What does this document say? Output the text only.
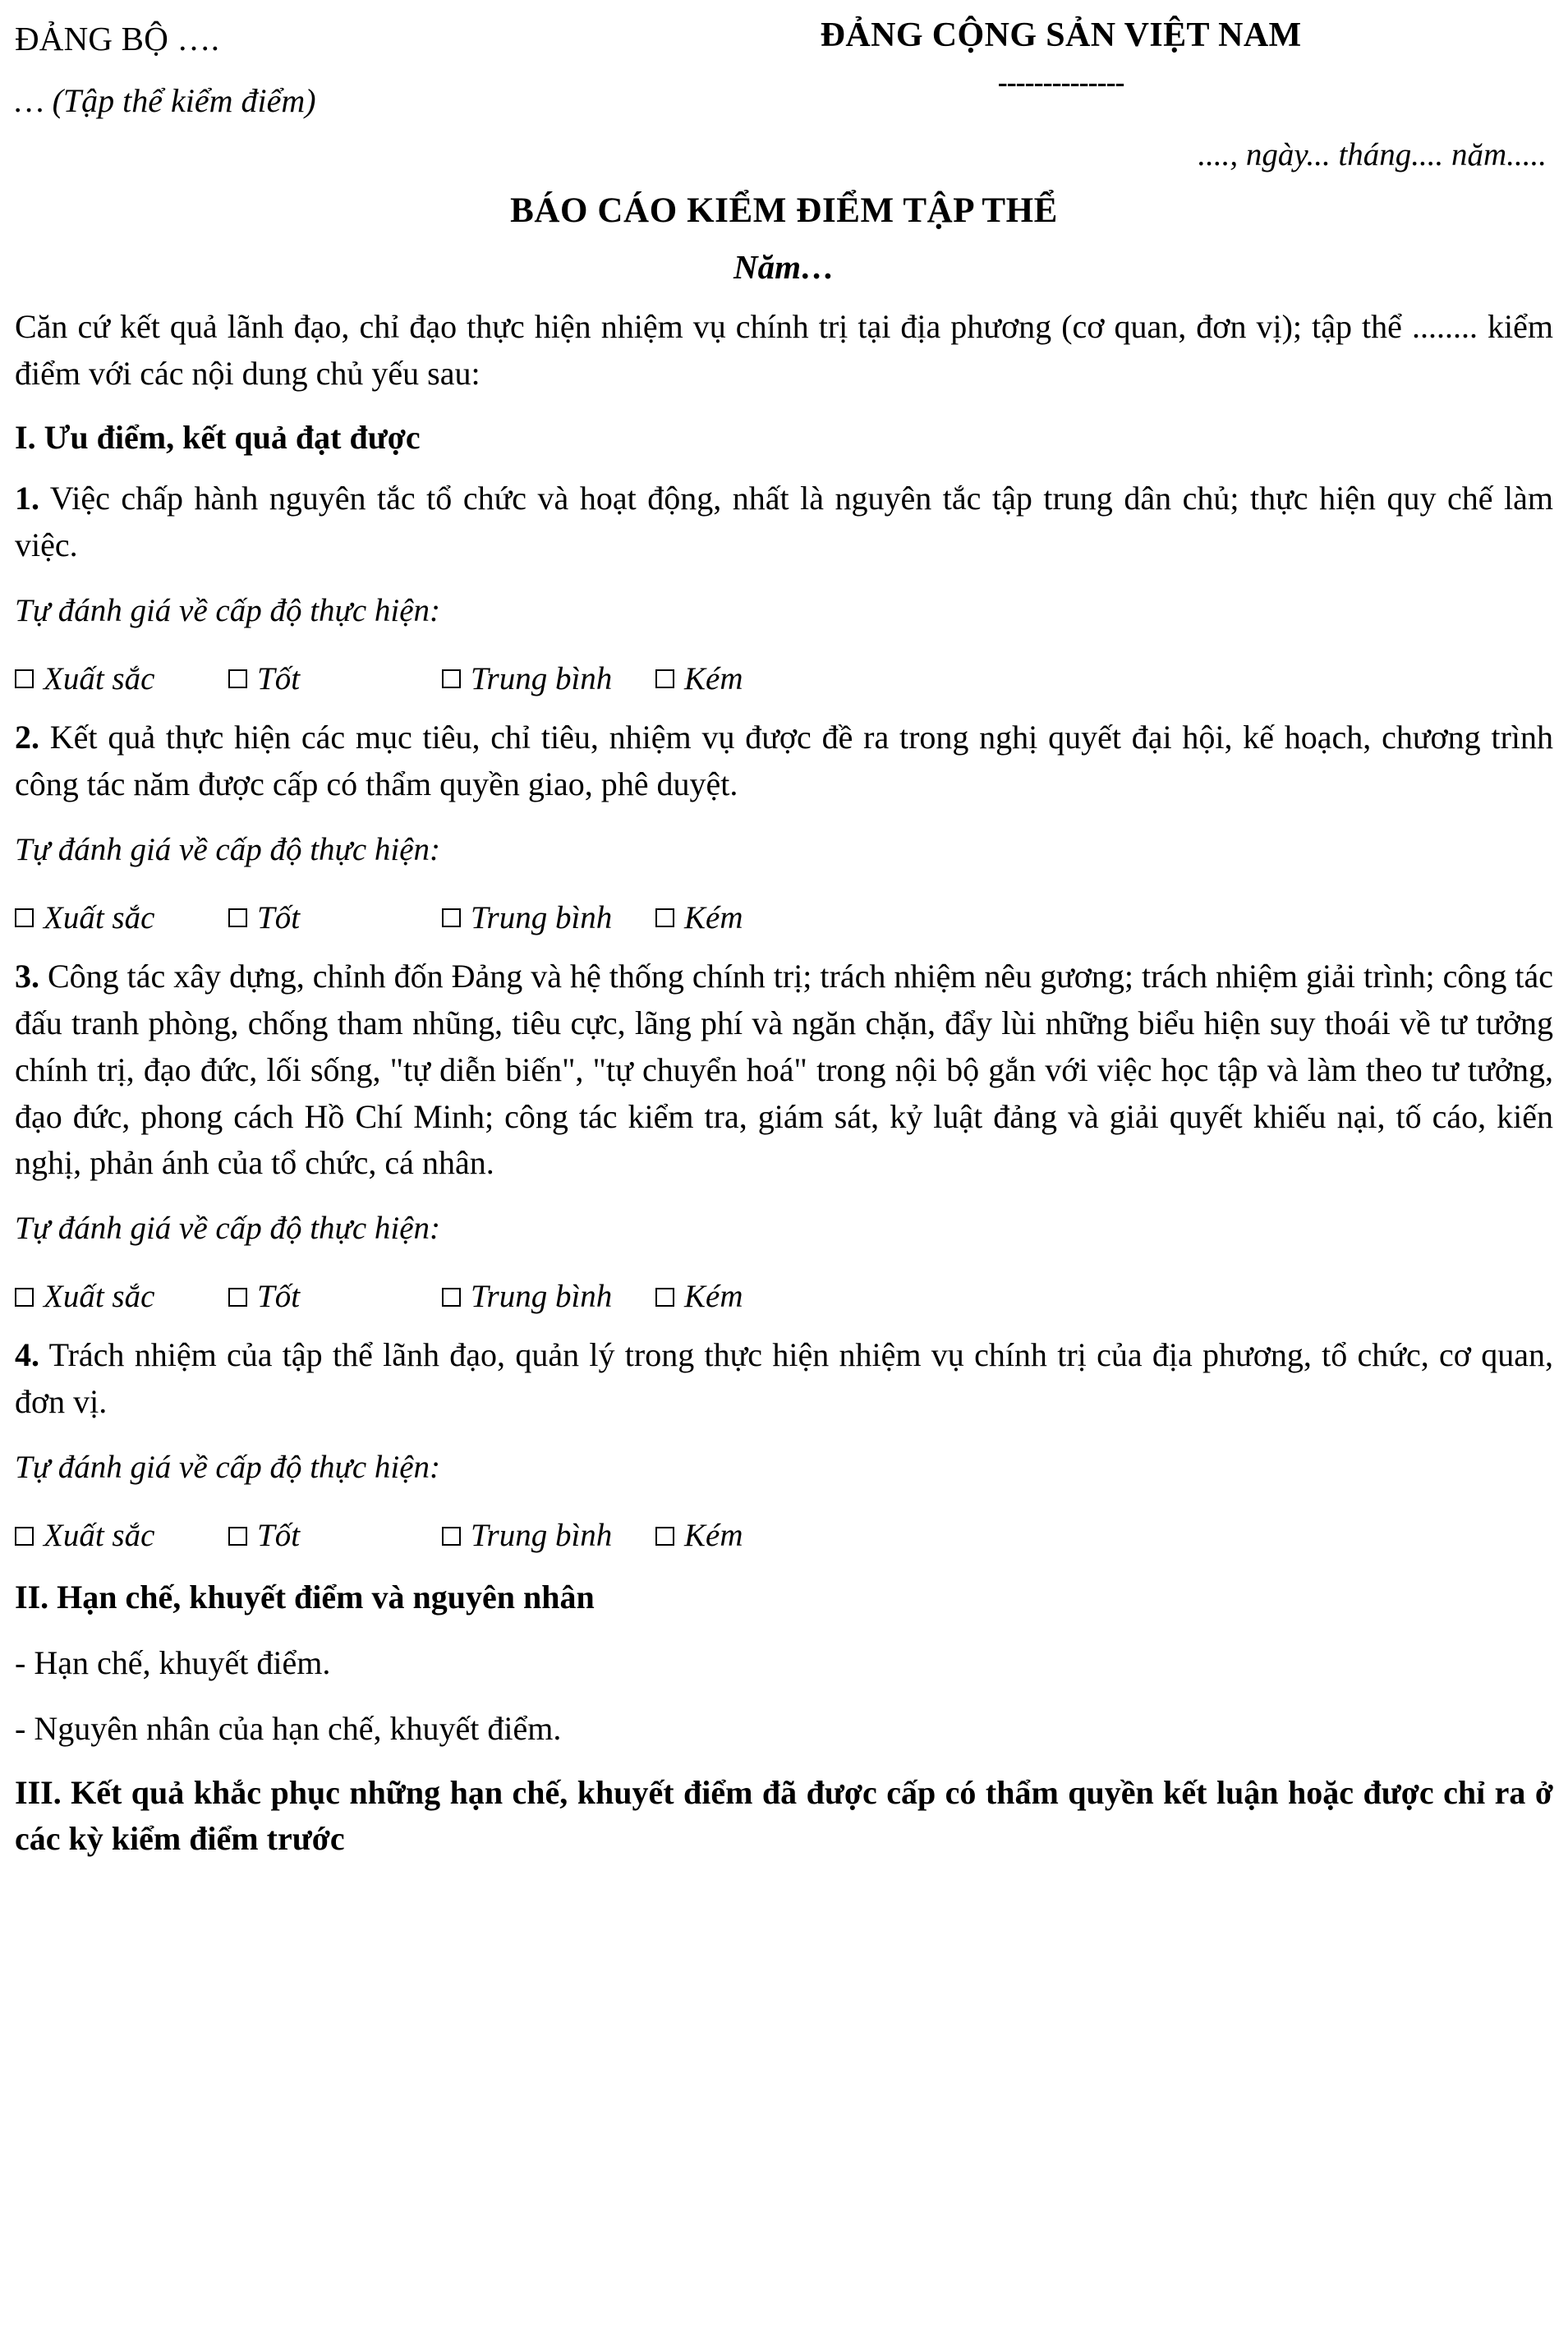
ĐẢNG BỘ ….
… (Tập thể kiểm điểm)
ĐẢNG CỘNG SẢN VIỆT NAM
--------------
...., ngày... tháng.... năm.....
BÁO CÁO KIỂM ĐIỂM TẬP THỂ
Năm…
Căn cứ kết quả lãnh đạo, chỉ đạo thực hiện nhiệm vụ chính trị tại địa phương (cơ quan, đơn vị); tập thể ........ kiểm điểm với các nội dung chủ yếu sau:
I. Ưu điểm, kết quả đạt được
1. Việc chấp hành nguyên tắc tổ chức và hoạt động, nhất là nguyên tắc tập trung dân chủ; thực hiện quy chế làm việc.
Tự đánh giá về cấp độ thực hiện:
Xuất sắc	Tốt	Trung bình Kém
2. Kết quả thực hiện các mục tiêu, chỉ tiêu, nhiệm vụ được đề ra trong nghị quyết đại hội, kế hoạch, chương trình công tác năm được cấp có thẩm quyền giao, phê duyệt.
Tự đánh giá về cấp độ thực hiện:
Xuất sắc	Tốt	Trung bình Kém
3. Công tác xây dựng, chỉnh đốn Đảng và hệ thống chính trị; trách nhiệm nêu gương; trách nhiệm giải trình; công tác đấu tranh phòng, chống tham nhũng, tiêu cực, lãng phí và ngăn chặn, đẩy lùi những biểu hiện suy thoái về tư tưởng chính trị, đạo đức, lối sống, "tự diễn biến", "tự chuyển hoá" trong nội bộ gắn với việc học tập và làm theo tư tưởng, đạo đức, phong cách Hồ Chí Minh; công tác kiểm tra, giám sát, kỷ luật đảng và giải quyết khiếu nại, tố cáo, kiến nghị, phản ánh của tổ chức, cá nhân.
Tự đánh giá về cấp độ thực hiện:
Xuất sắc	Tốt	Trung bình Kém
4. Trách nhiệm của tập thể lãnh đạo, quản lý trong thực hiện nhiệm vụ chính trị của địa phương, tổ chức, cơ quan, đơn vị.
Tự đánh giá về cấp độ thực hiện:
Xuất sắc	Tốt	Trung bình Kém
II. Hạn chế, khuyết điểm và nguyên nhân
- Hạn chế, khuyết điểm.
- Nguyên nhân của hạn chế, khuyết điểm.
III. Kết quả khắc phục những hạn chế, khuyết điểm đã được cấp có thẩm quyền kết luận hoặc được chỉ ra ở các kỳ kiểm điểm trước
